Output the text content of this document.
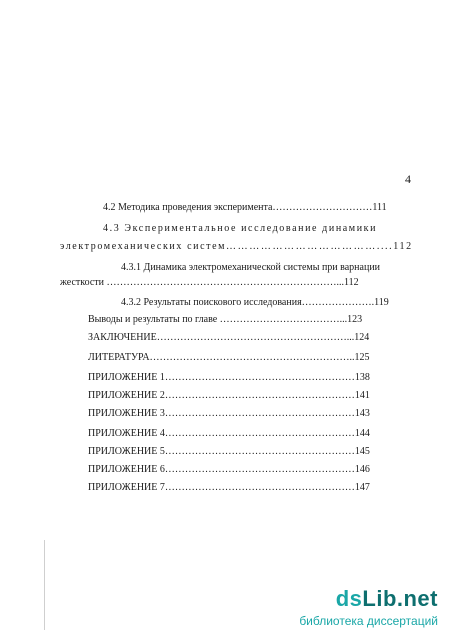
4
4.2 Методика проведения эксперимента…………………………111
4.3 Экспериментальное исследование динамики
электромеханических систем…………………………………....112
4.3.1 Динамика электромеханической системы при варнации
жесткости ……………………………………………………………...112
4.3.2 Результаты поискового исследования………………….119
Выводы и результаты по главе ………………………………...123
ЗАКЛЮЧЕНИЕ…………………………………………………...124
ЛИТЕРАТУРА……………………………………………………..125
ПРИЛОЖЕНИЕ 1…………………………………………………138
ПРИЛОЖЕНИЕ 2…………………………………………………141
ПРИЛОЖЕНИЕ 3…………………………………………………143
ПРИЛОЖЕНИЕ 4…………………………………………………144
ПРИЛОЖЕНИЕ 5…………………………………………………145
ПРИЛОЖЕНИЕ 6…………………………………………………146
ПРИЛОЖЕНИЕ 7…………………………………………………147
ds Lib.net
библиотека диссертаций
